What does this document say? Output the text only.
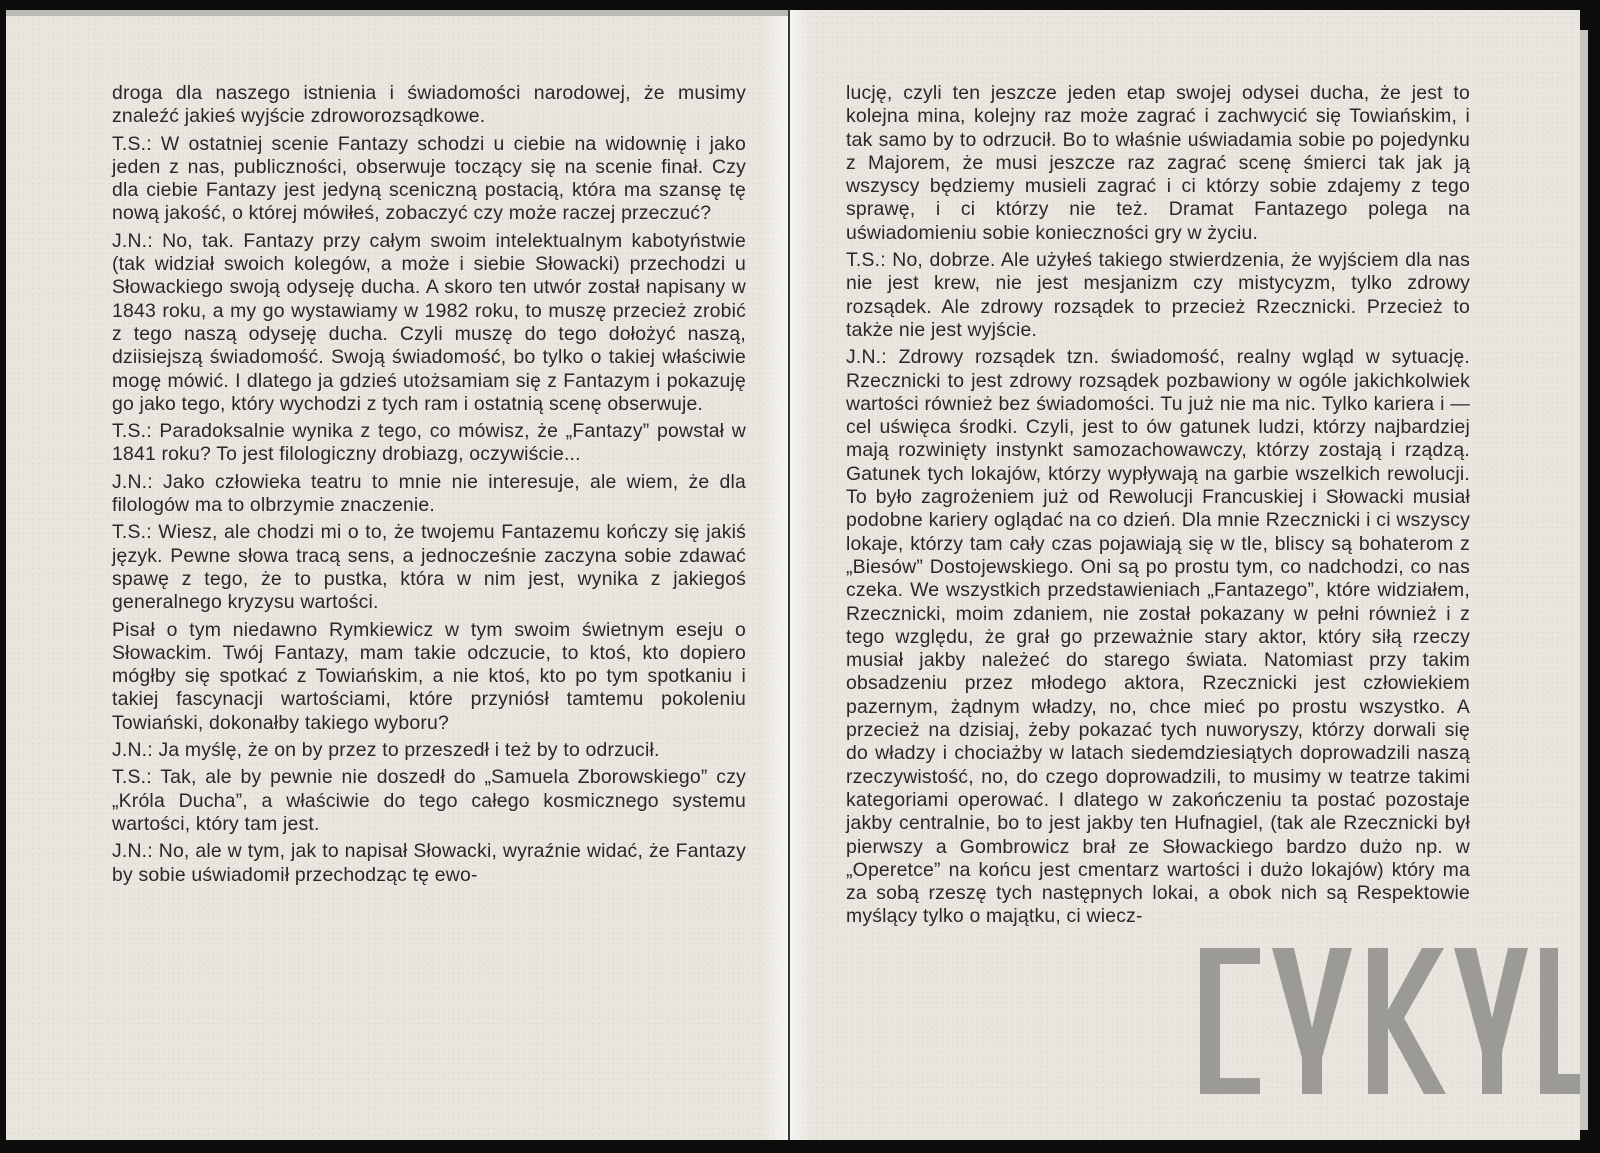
droga dla naszego istnienia i świadomości narodowej, że musimy znaleźć jakieś wyjście zdroworozsądkowe.

T.S.: W ostatniej scenie Fantazy schodzi u ciebie na widownię i jako jeden z nas, publiczności, obserwuje toczący się na scenie finał. Czy dla ciebie Fantazy jest jedyną sceniczną postacią, która ma szansę tę nową jakość, o której mówiłeś, zobaczyć czy może raczej przeczuć?

J.N.: No, tak. Fantazy przy całym swoim intelektualnym kabotyństwie (tak widział swoich kolegów, a może i siebie Słowacki) przechodzi u Słowackiego swoją odyseję ducha. A skoro ten utwór został napisany w 1843 roku, a my go wystawiamy w 1982 roku, to muszę przecież zrobić z tego naszą odyseję ducha. Czyli muszę do tego dołożyć naszą, dziisiejszą świadomość. Swoją świadomość, bo tylko o takiej właściwie mogę mówić. I dlatego ja gdzieś utożsamiam się z Fantazym i pokazuję go jako tego, który wychodzi z tych ram i ostatnią scenę obserwuje.

T.S.: Paradoksalnie wynika z tego, co mówisz, że „Fantazy” powstał w 1841 roku? To jest filologiczny drobiazg, oczywiście...

J.N.: Jako człowieka teatru to mnie nie interesuje, ale wiem, że dla filologów ma to olbrzymie znaczenie.

T.S.: Wiesz, ale chodzi mi o to, że twojemu Fantazemu kończy się jakiś język. Pewne słowa tracą sens, a jednocześnie zaczyna sobie zdawać spawę z tego, że to pustka, która w nim jest, wynika z jakiegoś generalnego kryzysu wartości.

Pisał o tym niedawno Rymkiewicz w tym swoim świetnym eseju o Słowackim. Twój Fantazy, mam takie odczucie, to ktoś, kto dopiero mógłby się spotkać z Towiańskim, a nie ktoś, kto po tym spotkaniu i takiej fascynacji wartościami, które przyniósł tamtemu pokoleniu Towiański, dokonałby takiego wyboru?

J.N.: Ja myślę, że on by przez to przeszedł i też by to odrzucił.

T.S.: Tak, ale by pewnie nie doszedł do „Samuela Zborowskiego” czy „Króla Ducha”, a właściwie do tego całego kosmicznego systemu wartości, który tam jest.

J.N.: No, ale w tym, jak to napisał Słowacki, wyraźnie widać, że Fantazy by sobie uświadomił przechodząc tę ewo-

lucję, czyli ten jeszcze jeden etap swojej odysei ducha, że jest to kolejna mina, kolejny raz może zagrać i zachwycić się Towiańskim, i tak samo by to odrzucił. Bo to właśnie uświadamia sobie po pojedynku z Majorem, że musi jeszcze raz zagrać scenę śmierci tak jak ją wszyscy będziemy musieli zagrać i ci którzy sobie zdajemy z tego sprawę, i ci którzy nie też. Dramat Fantazego polega na uświadomieniu sobie konieczności gry w życiu.

T.S.: No, dobrze. Ale użyłeś takiego stwierdzenia, że wyjściem dla nas nie jest krew, nie jest mesjanizm czy mistycyzm, tylko zdrowy rozsądek. Ale zdrowy rozsądek to przecież Rzecznicki. Przecież to także nie jest wyjście.

J.N.: Zdrowy rozsądek tzn. świadomość, realny wgląd w sytuację. Rzecznicki to jest zdrowy rozsądek pozbawiony w ogóle jakichkolwiek wartości również bez świadomości. Tu już nie ma nic. Tylko kariera i — cel uświęca środki. Czyli, jest to ów gatunek ludzi, którzy najbardziej mają rozwinięty instynkt samozachowawczy, którzy zostają i rządzą. Gatunek tych lokajów, którzy wypływają na garbie wszelkich rewolucji. To było zagrożeniem już od Rewolucji Francuskiej i Słowacki musiał podobne kariery oglądać na co dzień. Dla mnie Rzecznicki i ci wszyscy lokaje, którzy tam cały czas pojawiają się w tle, bliscy są bohaterom z „Biesów” Dostojewskiego. Oni są po prostu tym, co nadchodzi, co nas czeka. We wszystkich przedstawieniach „Fantazego”, które widziałem, Rzecznicki, moim zdaniem, nie został pokazany w pełni również i z tego względu, że grał go przeważnie stary aktor, który siłą rzeczy musiał jakby należeć do starego świata. Natomiast przy takim obsadzeniu przez młodego aktora, Rzecznicki jest człowiekiem pazernym, żądnym władzy, no, chce mieć po prostu wszystko. A przecież na dzisiaj, żeby pokazać tych nuworyszy, którzy dorwali się do władzy i chociażby w latach siedemdziesiątych doprowadzili naszą rzeczywistość, no, do czego doprowadzili, to musimy w teatrze takimi kategoriami operować. I dlatego w zakończeniu ta postać pozostaje jakby centralnie, bo to jest jakby ten Hufnagiel, (tak ale Rzecznicki był pierwszy a Gombrowicz brał ze Słowackiego bardzo dużo np. w „Operetce” na końcu jest cmentarz wartości i dużo lokajów) który ma za sobą rzeszę tych następnych lokai, a obok nich są Respektowie myślący tylko o majątku, ci wiecz-
